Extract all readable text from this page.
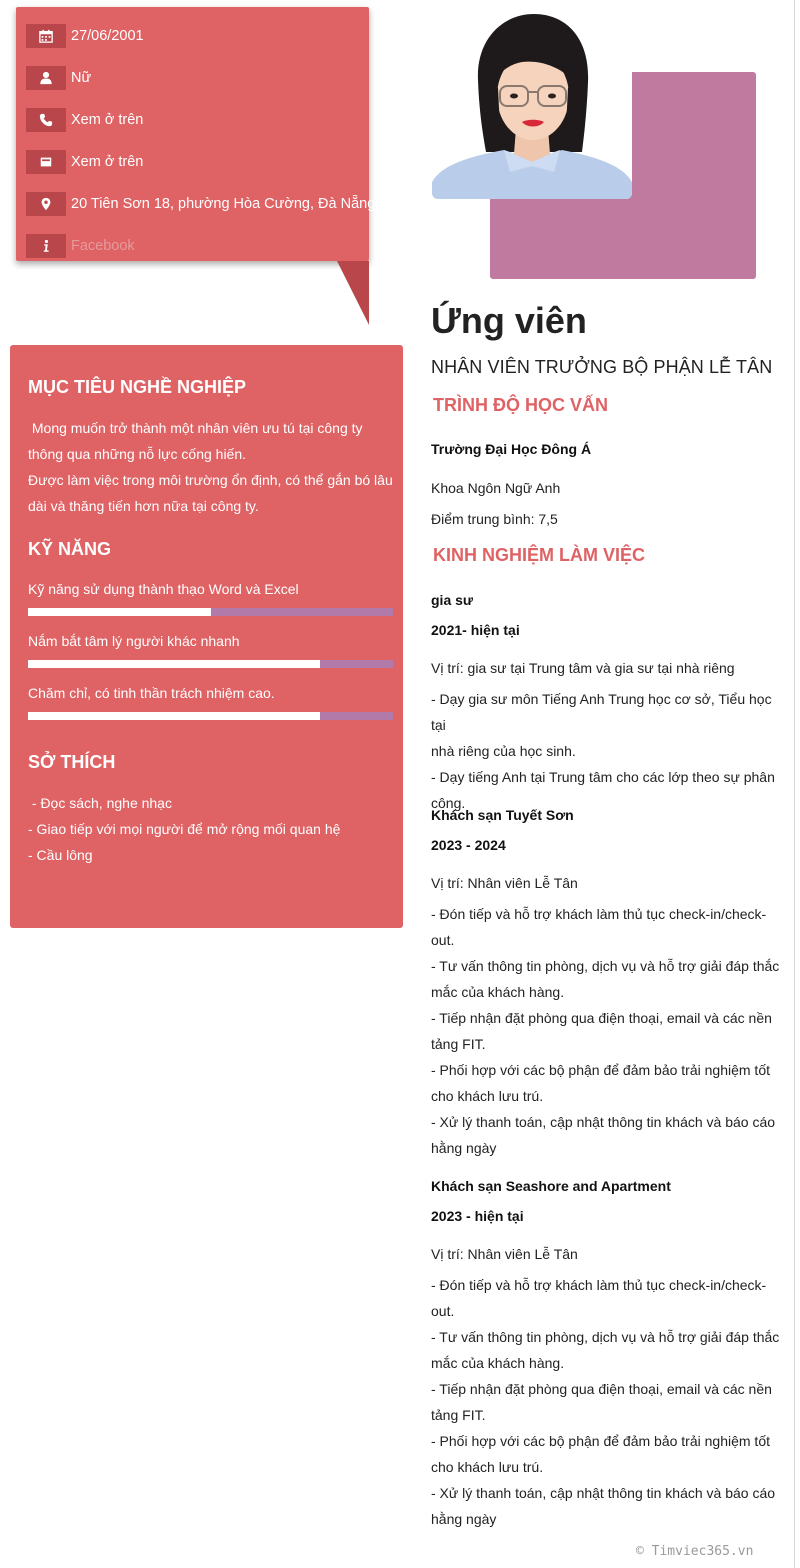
27/06/2001
Nữ
Xem ở trên
Xem ở trên
20 Tiên Sơn 18, phường Hòa Cường, Đà Nẵng
Facebook
MỤC TIÊU NGHỀ NGHIỆP
Mong muốn trở thành một nhân viên ưu tú tại công ty
thông qua những nỗ lực cống hiến.
Được làm việc trong môi trường ổn định, có thể gắn bó lâu
dài và thăng tiến hơn nữa tại công ty.
KỸ NĂNG
Kỹ năng sử dụng thành thạo Word và Excel
Nắm bắt tâm lý người khác nhanh
Chăm chỉ, có tinh thần trách nhiệm cao.
SỞ THÍCH
- Đọc sách, nghe nhạc
- Giao tiếp với mọi người để mở rộng mối quan hệ
- Cầu lông
Ứng viên
NHÂN VIÊN TRƯỞNG BỘ PHẬN LỄ TÂN
TRÌNH ĐỘ HỌC VẤN
Trường Đại Học Đông Á
Khoa Ngôn Ngữ Anh
Điểm trung bình: 7,5
KINH NGHIỆM LÀM VIỆC
gia sư
2021- hiện tại
Vị trí: gia sư tại Trung tâm và gia sư tại nhà riêng
- Dạy gia sư môn Tiếng Anh Trung học cơ sở, Tiểu học tại
nhà riêng của học sinh.
- Dạy tiếng Anh tại Trung tâm cho các lớp theo sự phân
công.
Khách sạn Tuyết Sơn
2023 - 2024
Vị trí: Nhân viên Lễ Tân
- Đón tiếp và hỗ trợ khách làm thủ tục check-in/check-
out.
- Tư vấn thông tin phòng, dịch vụ và hỗ trợ giải đáp thắc
mắc của khách hàng.
- Tiếp nhận đặt phòng qua điện thoại, email và các nền
tảng FIT.
- Phối hợp với các bộ phận để đảm bảo trải nghiệm tốt
cho khách lưu trú.
- Xử lý thanh toán, cập nhật thông tin khách và báo cáo
hằng ngày
Khách sạn Seashore and Apartment
2023 - hiện tại
Vị trí: Nhân viên Lễ Tân
- Đón tiếp và hỗ trợ khách làm thủ tục check-in/check-
out.
- Tư vấn thông tin phòng, dịch vụ và hỗ trợ giải đáp thắc
mắc của khách hàng.
- Tiếp nhận đặt phòng qua điện thoại, email và các nền
tảng FIT.
- Phối hợp với các bộ phận để đảm bảo trải nghiệm tốt
cho khách lưu trú.
- Xử lý thanh toán, cập nhật thông tin khách và báo cáo
hằng ngày
© Timviec365.vn
